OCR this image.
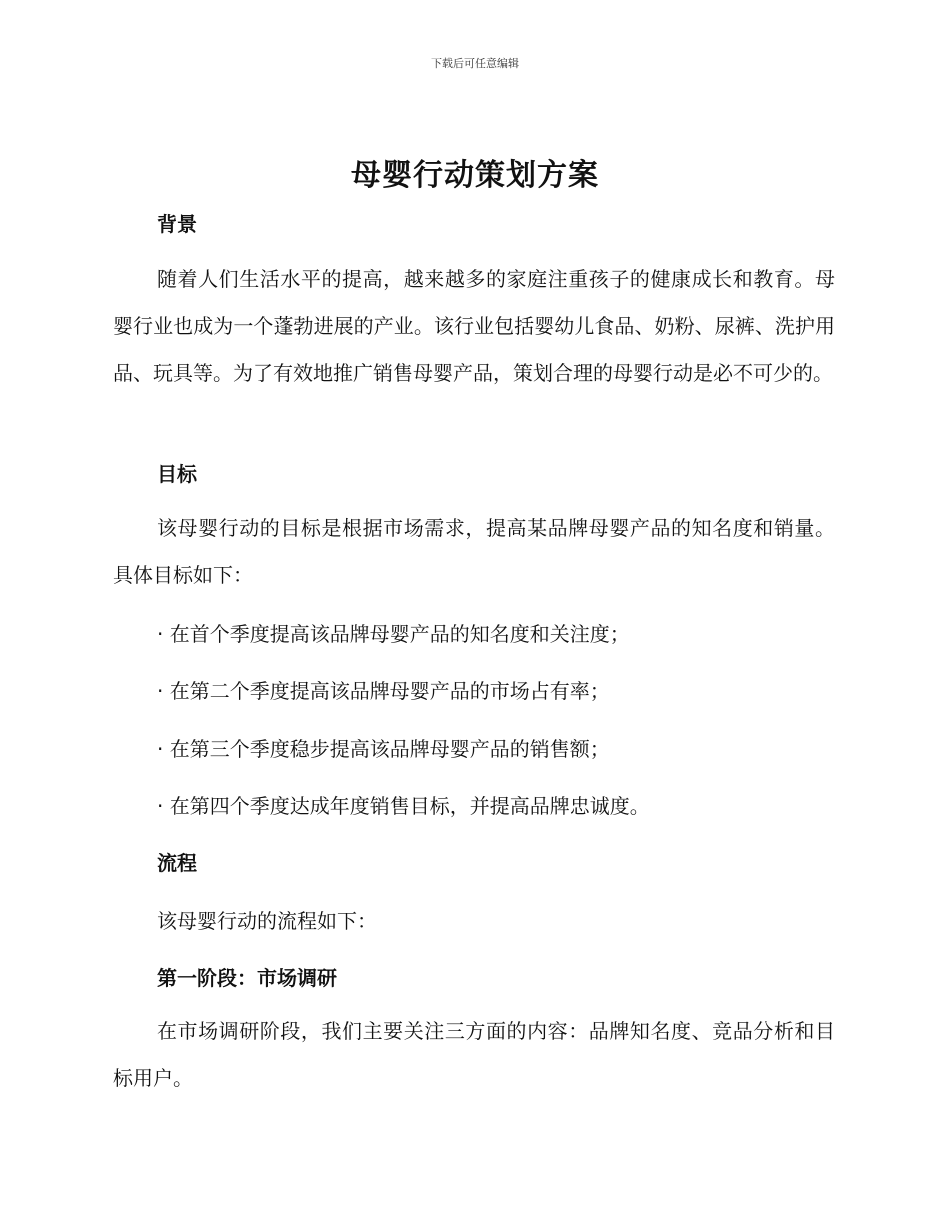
下载后可任意编辑
母婴行动策划方案
背景
随着人们生活水平的提高，越来越多的家庭注重孩子的健康成长和教育。母婴行业也成为一个蓬勃进展的产业。该行业包括婴幼儿食品、奶粉、尿裤、洗护用品、玩具等。为了有效地推广销售母婴产品，策划合理的母婴行动是必不可少的。
目标
该母婴行动的目标是根据市场需求，提高某品牌母婴产品的知名度和销量。具体目标如下：
· 在首个季度提高该品牌母婴产品的知名度和关注度；
· 在第二个季度提高该品牌母婴产品的市场占有率；
· 在第三个季度稳步提高该品牌母婴产品的销售额；
· 在第四个季度达成年度销售目标，并提高品牌忠诚度。
流程
该母婴行动的流程如下：
第一阶段：市场调研
在市场调研阶段，我们主要关注三方面的内容：品牌知名度、竞品分析和目标用户。
